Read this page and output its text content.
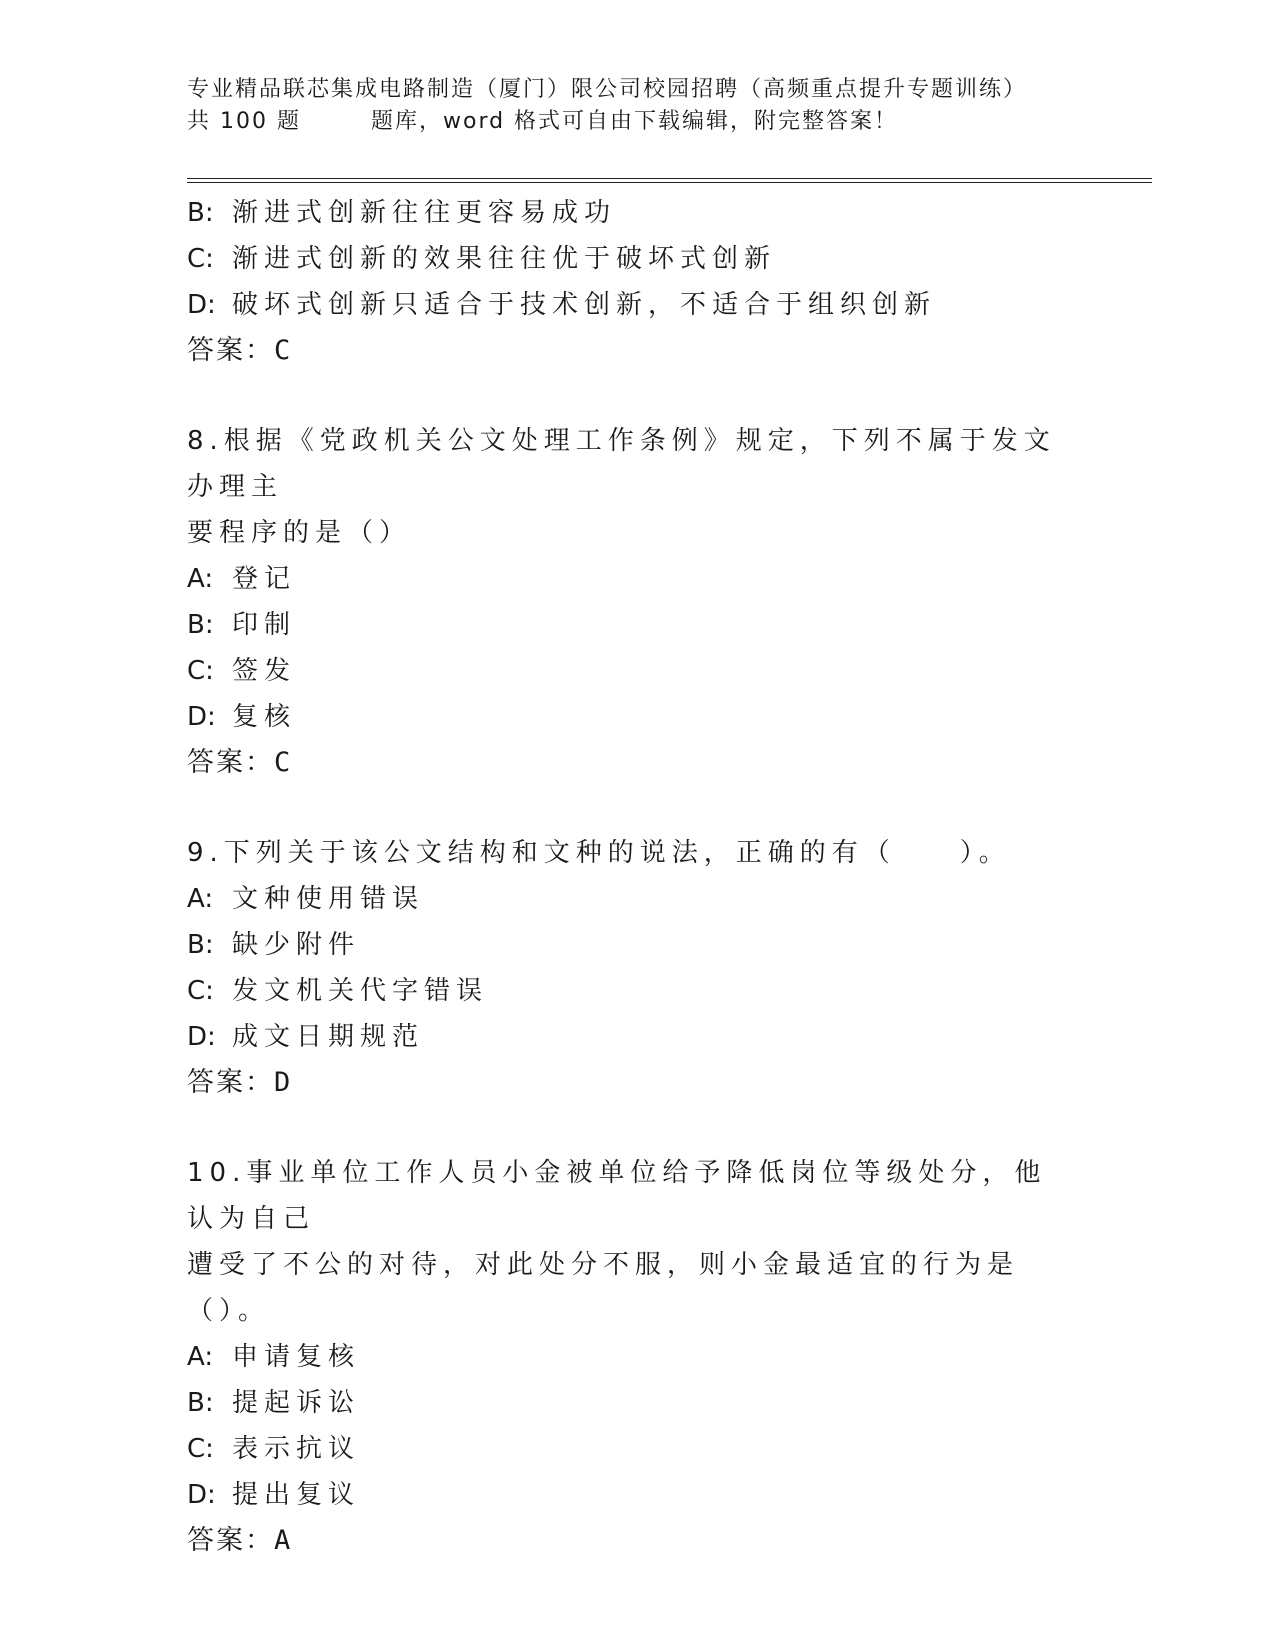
专业精品联芯集成电路制造（厦门）限公司校园招聘（高频重点提升专题训练）
共 100 题	题库，word 格式可自由下载编辑，附完整答案！
B: 渐进式创新往往更容易成功
C: 渐进式创新的效果往往优于破坏式创新
D: 破坏式创新只适合于技术创新，不适合于组织创新
答案：C
8.根据《党政机关公文处理工作条例》规定，下列不属于发文办理主
要程序的是（）
A: 登记
B: 印制
C: 签发
D: 复核
答案：C
9.下列关于该公文结构和文种的说法，正确的有（　　）。
A: 文种使用错误
B: 缺少附件
C: 发文机关代字错误
D: 成文日期规范
答案：D
10.事业单位工作人员小金被单位给予降低岗位等级处分，他认为自己
遭受了不公的对待，对此处分不服，则小金最适宜的行为是（）。
A: 申请复核
B: 提起诉讼
C: 表示抗议
D: 提出复议
答案：A
